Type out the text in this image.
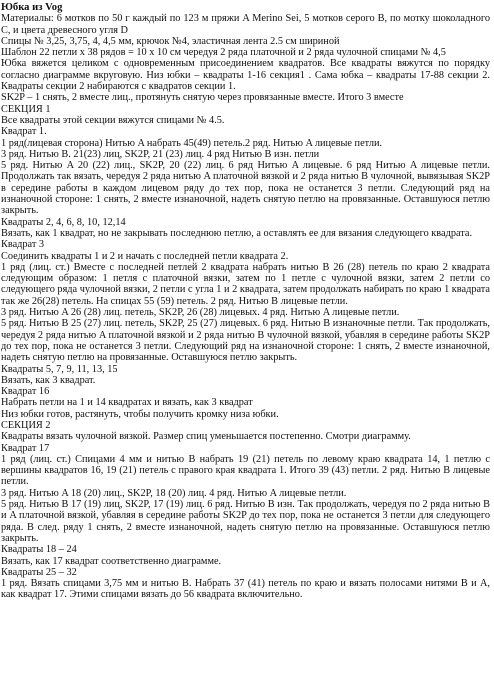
Юбка из Vog

Материалы: 6 мотков по 50 г каждый по 123 м пряжи A Merino Sei, 5 мотков серого B, по мотку шоколадного C, и цвета древесного угля D

Спицы № 3,25, 3,75, 4, 4,5 мм, крючок №4, эластичная лента 2.5 см шириной

Шаблон 22 петли х 38 рядов = 10 х 10 см чередуя 2 ряда платочной и 2 ряда чулочной спицами № 4,5

Юбка вяжется целиком с одновременным присоединением квадратов. Все квадраты вяжутся по порядку согласно диаграмме вкруговую. Низ юбки – квадраты 1-16 секция1 . Сама юбка – квадраты 17-88 секции 2. Квадраты секции 2 набираются с квадратов секции 1.

SK2P – 1 снять, 2 вместе лиц., протянуть снятую через провязанные вместе. Итого 3 вместе

СЕКЦИЯ 1

Все квадраты этой секции вяжутся спицами № 4.5.

Квадрат 1.

1 ряд(лицевая сторона) Нитью A набрать 45(49) петель.2 ряд. Нитью A лицевые петли.

3 ряд. Нитью B. 21(23) лиц, SK2P, 21 (23) лиц. 4 ряд Нитью B изн. петли

5 ряд. Нитью A 20 (22) лиц., SK2P, 20 (22) лиц. 6 ряд Нитью A лицевые. 6 ряд Нитью A лицевые петли. Продолжать так вязать, чередуя 2 ряда нитью A платочной вязкой и 2 ряда нитью B чулочной, вывязывая SK2P в середине работы в каждом лицевом ряду до тех пор, пока не останется 3 петли. Следующий ряд на изнаночной стороне: 1 снять, 2 вместе изнаночной, надеть снятую петлю на провязанные. Оставшуюся петлю закрыть.

Квадраты 2, 4, 6, 8, 10, 12,14

Вязать, как 1 квадрат, но не закрывать последнюю петлю, а оставлять ее для вязания следующего квадрата.

Квадрат 3

Соединить квадраты 1 и 2 и начать с последней петли квадрата 2.

1 ряд (лиц. ст.) Вместе с последней петлей 2 квадрата набрать нитью B 26 (28) петель по краю 2 квадрата следующим образом: 1 петля с платочной вязки, затем по 1 петле с чулочной вязки, затем 2 петли со следующего ряда чулочной вязки, 2 петли с угла 1 и 2 квадрата, затем продолжать набирать по краю 1 квадрата так же 26(28) петель. На спицах 55 (59) петель. 2 ряд. Нитью B лицевые петли.

3 ряд. Нитью A 26 (28) лиц. петель, SK2P, 26 (28) лицевых. 4 ряд. Нитью A лицевые петли.

5 ряд. Нитью B 25 (27) лиц. петель, SK2P, 25 (27) лицевых. 6 ряд. Нитью B изнаночные петли. Так продолжать, чередуя 2 ряда нитью A платочной вязкой и 2 ряда нитью B чулочной вязкой, убавляя в середине работы SK2P до тех пор, пока не останется 3 петли. Следующий ряд на изнаночной стороне: 1 снять, 2 вместе изнаночной, надеть снятую петлю на провязанные. Оставшуюся петлю закрыть.

Квадраты 5, 7, 9, 11, 13, 15

Вязать, как 3 квадрат.

Квадрат 16

Набрать петли на 1 и 14 квадратах и вязать, как 3 квадрат

Низ юбки готов, растянуть, чтобы получить кромку низа юбки.

СЕКЦИЯ 2

Квадраты вязать чулочной вязкой. Размер спиц уменьшается постепенно. Смотри диаграмму.

Квадрат 17

1 ряд (лиц. ст.) Спицами 4 мм и нитью B набрать 19 (21) петель по левому краю квадрата 14, 1 петлю с вершины квадратов 16, 19 (21) петель с правого края квадрата 1. Итого 39 (43) петли. 2 ряд. Нитью B лицевые петли.

3 ряд. Нитью A 18 (20) лиц., SK2P, 18 (20) лиц. 4 ряд. Нитью A лицевые петли.

5 ряд. Нитью B 17 (19) лиц, SK2P, 17 (19) лиц. 6 ряд. Нитью B изн. Так продолжать, чередуя по 2 ряда нитью B и A платочной вязкой, убавляя в середине работы SK2P до тех пор, пока не останется 3 петли для следующего ряда. В след. ряду 1 снять, 2 вместе изнаночной, надеть снятую петлю на провязанные. Оставшуюся петлю закрыть.

Квадраты 18 – 24

Вязать, как 17 квадрат соответственно диаграмме.

Квадраты 25 – 32

1 ряд. Вязать спицами 3,75 мм и нитью B. Набрать 37 (41) петель по краю и вязать полосами нитями B и A, как квадрат 17. Этими спицами вязать до 56 квадрата включительно.
